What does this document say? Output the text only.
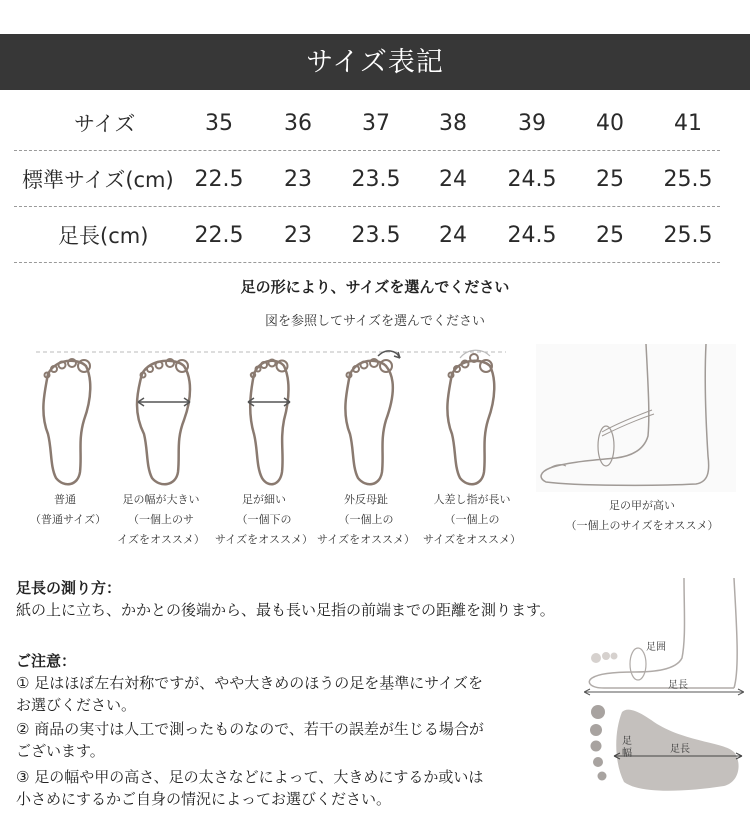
サイズ表記
サイズ	35	36	37	38	39	40	41
標準サイズ(cm) 22.5	23	23.5	24	24.5	25	25.5
足長(cm)	22.5	23	23.5	24	24.5	25	25.5
足の形により、サイズを選んでください
図を参照してサイズを選んでください
普通
（普通サイズ）
足の幅が大きい
（一個上のサ
イズをオススメ）
足が細い
（一個下の
サイズをオススメ）
外反母趾
（一個上の
サイズをオススメ）
人差し指が長い
（一個上の
サイズをオススメ）
足の甲が高い
（一個上のサイズをオススメ）
足長の測り方：
紙の上に立ち、かかとの後端から、最も長い足指の前端までの距離を測ります。
ご注意：
① 足はほぼ左右対称ですが、やや大きめのほうの足を基準にサイズを
お選びください。
② 商品の実寸は人工で測ったものなので、若干の誤差が生じる場合が
ございます。
③ 足の幅や甲の高さ、足の太さなどによって、大きめにするか或いは
小さめにするかご自身の情況によってお選びください。
足囲
足長
足幅	足長
